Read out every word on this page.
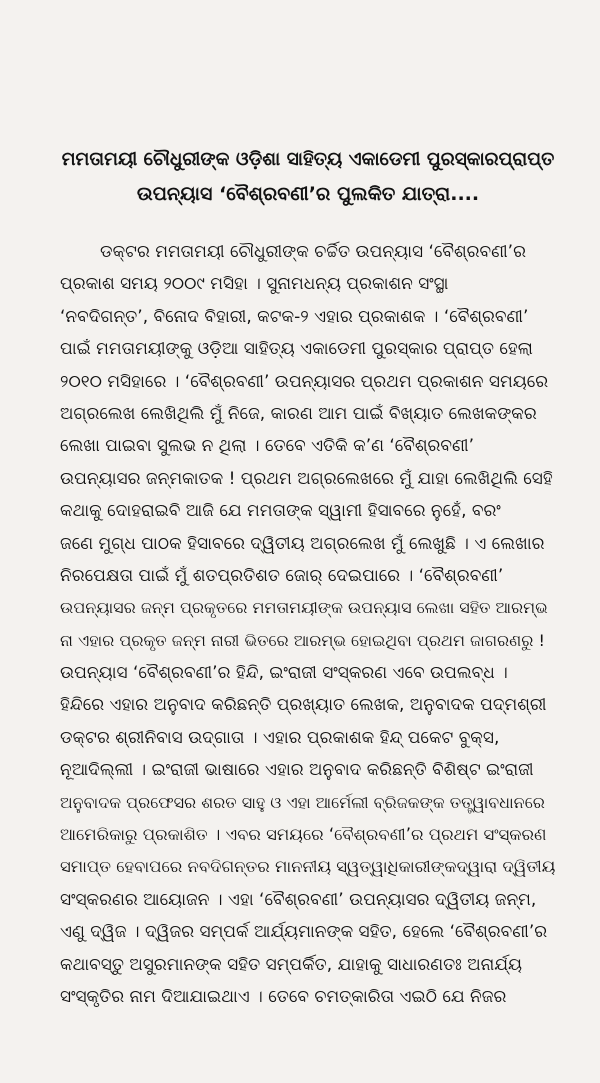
ମମତାମୟୀ ଚୌଧୁରୀଙ୍କ ଓଡ଼ିଶା ସାହିତ୍ୟ ଏକାଡେମୀ ପୁରସ୍କାରପ୍ରାପ୍ତ
ଉପନ୍ୟାସ ‘ବୈଶ୍ରବଣୀ’ର ପୁଲକିତ ଯାତ୍ରା....
ଡକ୍ଟର ମମତାମୟୀ ଚୌଧୁରୀଙ୍କ ଚର୍ଚ୍ଚିତ ଉପନ୍ୟାସ ‘ବୈଶ୍ରବଣୀ’ର
ପ୍ରକାଶ ସମୟ ୨୦୦୯ ମସିହା । ସୁନାମଧନ୍ୟ ପ୍ରକାଶନ ସଂସ୍ଥା
‘ନବଦିଗନ୍ତ’, ବିନୋଦ ବିହାରୀ, କଟକ-୨ ଏହାର ପ୍ରକାଶକ । ‘ବୈଶ୍ରବଣୀ’
ପାଇଁ ମମତାମୟୀଙ୍କୁ ଓଡ଼ିଆ ସାହିତ୍ୟ ଏକାଡେମୀ ପୁରସ୍କାର ପ୍ରାପ୍ତ ହେଲା
୨୦୧୦ ମସିହାରେ । ‘ବୈଶ୍ରବଣୀ’ ଉପନ୍ୟାସର ପ୍ରଥମ ପ୍ରକାଶନ ସମୟରେ
ଅଗ୍ରଲେଖ ଲେଖିଥିଲି ମୁଁ ନିଜେ, କାରଣ ଆମ ପାଇଁ ବିଖ୍ୟାତ ଲେଖକଙ୍କର
ଲେଖା ପାଇବା ସୁଲଭ ନ ଥିଲା । ତେବେ ଏତିକି କ’ଣ ‘ବୈଶ୍ରବଣୀ’
ଉପନ୍ୟାସର ଜନ୍ମକାତକ ! ପ୍ରଥମ ଅଗ୍ରଲେଖରେ ମୁଁ ଯାହା ଲେଖିଥିଲି ସେହି
କଥାକୁ ଦୋହରାଇବି ଆଜି ଯେ ମମତାଙ୍କ ସ୍ୱାମୀ ହିସାବରେ ନୁହେଁ, ବରଂ
ଜଣେ ମୁଗ୍ଧ ପାଠକ ହିସାବରେ ଦ୍ୱିତୀୟ ଅଗ୍ରଲେଖ ମୁଁ ଲେଖୁଛି । ଏ ଲେଖାର
ନିରପେକ୍ଷତା ପାଇଁ ମୁଁ ଶତପ୍ରତିଶତ ଜୋର୍ ଦେଇପାରେ । ‘ବୈଶ୍ରବଣୀ’
ଉପନ୍ୟାସର ଜନ୍ମ ପ୍ରକୃତରେ ମମତାମୟୀଙ୍କ ଉପନ୍ୟାସ ଲେଖା ସହିତ ଆରମ୍ଭ
ନା ଏହାର ପ୍ରକୃତ ଜନ୍ମ ନାରୀ ଭିତରେ ଆରମ୍ଭ ହୋଇଥିବା ପ୍ରଥମ ଜାଗରଣରୁ !
ଉପନ୍ୟାସ ‘ବୈଶ୍ରବଣୀ’ର ହିନ୍ଦି, ଇଂରାଜୀ ସଂସ୍କରଣ ଏବେ ଉପଲବ୍ଧ ।
ହିନ୍ଦିରେ ଏହାର ଅନୁବାଦ କରିଛନ୍ତି ପ୍ରଖ୍ୟାତ ଲେଖକ, ଅନୁବାଦକ ପଦ୍ମଶ୍ରୀ
ଡକ୍ଟର ଶ୍ରୀନିବାସ ଉଦ୍‌ଗାତା । ଏହାର ପ୍ରକାଶକ ହିନ୍ଦ୍ ପକେଟ ବୁକ୍ସ,
ନୂଆଦିଲ୍ଲୀ । ଇଂରାଜୀ ଭାଷାରେ ଏହାର ଅନୁବାଦ କରିଛନ୍ତି ବିଶିଷ୍ଟ ଇଂରାଜୀ
ଅନୁବାଦକ ପ୍ରଫେସର ଶରତ ସାହୁ ଓ ଏହା ଆର୍ମେଲୀ ବ୍ରିଜକଙ୍କ ତତ୍ତ୍ୱାବଧାନରେ
ଆମେରିକାରୁ ପ୍ରକାଶିତ । ଏବର ସମୟରେ ‘ବୈଶ୍ରବଣୀ’ର ପ୍ରଥମ ସଂସ୍କରଣ
ସମାପ୍ତ ହେବାପରେ ନବଦିଗନ୍ତର ମାନନୀୟ ସ୍ୱତ୍ୱାଧିକାରୀଙ୍କଦ୍ୱାରା ଦ୍ୱିତୀୟ
ସଂସ୍କରଣର ଆୟୋଜନ । ଏହା ‘ବୈଶ୍ରବଣୀ’ ଉପନ୍ୟାସର ଦ୍ୱିତୀୟ ଜନ୍ମ,
ଏଣୁ ଦ୍ୱିଜ । ଦ୍ୱିଜର ସମ୍ପର୍କ ଆର୍ଯ୍ୟମାନଙ୍କ ସହିତ, ହେଲେ ‘ବୈଶ୍ରବଣୀ’ର
କଥାବସ୍ତୁ ଅସୁରମାନଙ୍କ ସହିତ ସମ୍ପର୍କିତ, ଯାହାକୁ ସାଧାରଣତଃ ଅନାର୍ଯ୍ୟ
ସଂସ୍କୃତିର ନାମ ଦିଆଯାଇଥାଏ । ତେବେ ଚମତ୍କାରିତା ଏଇଠି ଯେ ନିଜର
